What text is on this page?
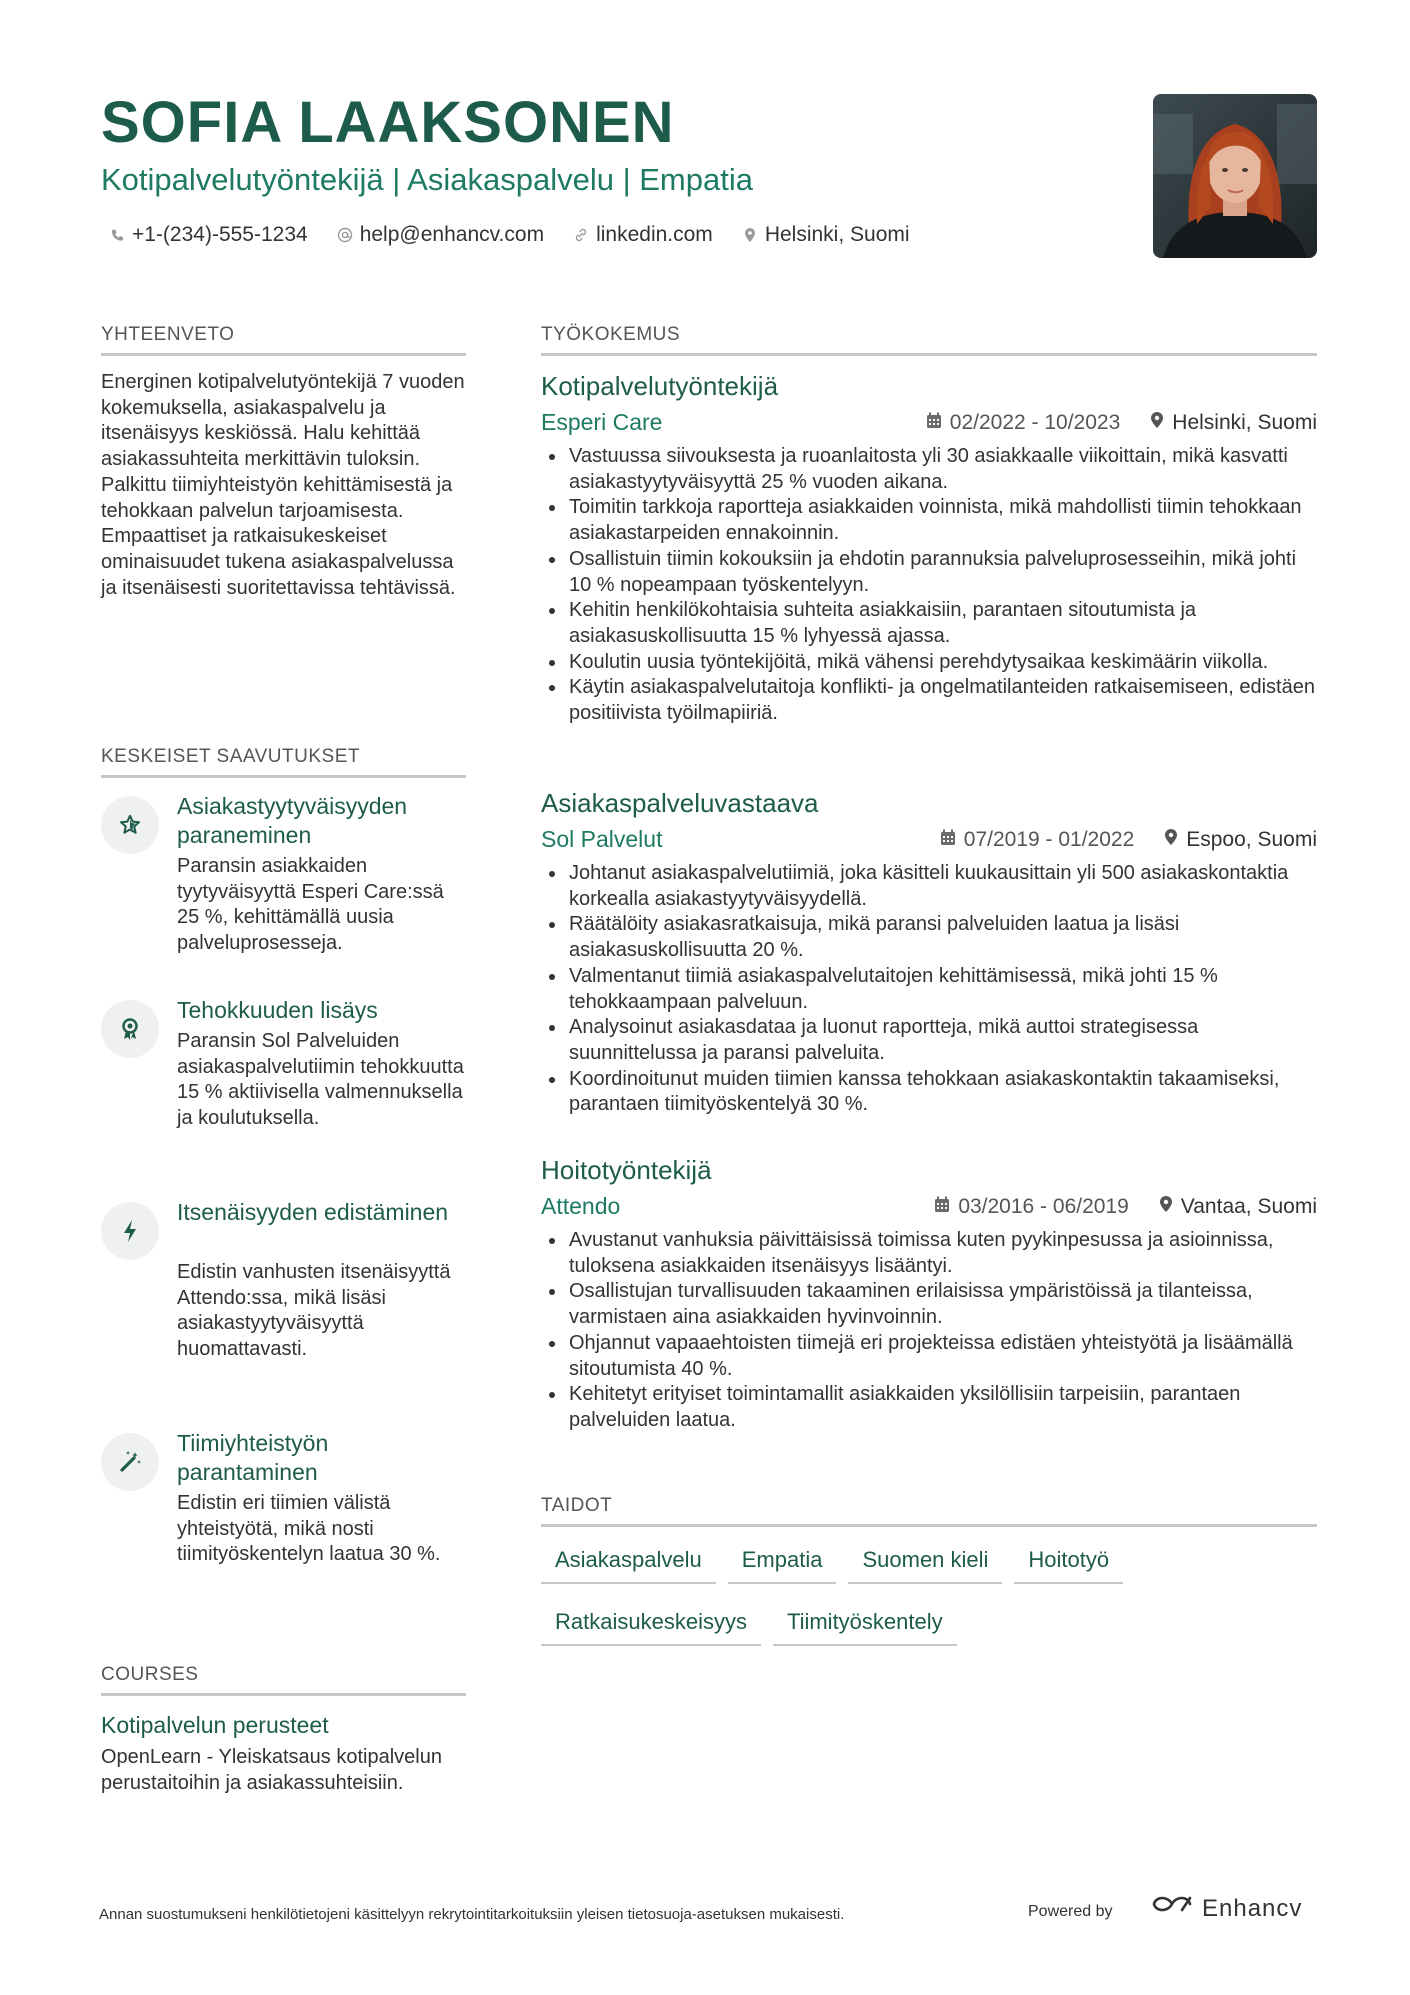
SOFIA LAAKSONEN
Kotipalvelutyöntekijä | Asiakaspalvelu | Empatia
+1-(234)-555-1234 help@enhancv.com linkedin.com Helsinki, Suomi
YHTEENVETO
Energinen kotipalvelutyöntekijä 7 vuoden kokemuksella, asiakaspalvelu ja itsenäisyys keskiössä. Halu kehittää asiakassuhteita merkittävin tuloksin. Palkittu tiimiyhteistyön kehittämisestä ja tehokkaan palvelun tarjoamisesta. Empaattiset ja ratkaisukeskeiset ominaisuudet tukena asiakaspalvelussa ja itsenäisesti suoritettavissa tehtävissä.
KESKEISET SAAVUTUKSET
Asiakastyytyväisyyden paraneminen
Paransin asiakkaiden tyytyväisyyttä Esperi Care:ssä 25 %, kehittämällä uusia palveluprosesseja.
Tehokkuuden lisäys
Paransin Sol Palveluiden asiakaspalvelutiimin tehokkuutta 15 % aktiivisella valmennuksella ja koulutuksella.
Itsenäisyyden edistäminen
Edistin vanhusten itsenäisyyttä Attendo:ssa, mikä lisäsi asiakastyytyväisyyttä huomattavasti.
Tiimiyhteistyön parantaminen
Edistin eri tiimien välistä yhteistyötä, mikä nosti tiimityöskentelyn laatua 30 %.
COURSES
Kotipalvelun perusteet
OpenLearn - Yleiskatsaus kotipalvelun perustaitoihin ja asiakassuhteisiin.
TYÖKOKEMUS
Kotipalvelutyöntekijä
Esperi Care	02/2022 - 10/2023 Helsinki, Suomi
Vastuussa siivouksesta ja ruoanlaitosta yli 30 asiakkaalle viikoittain, mikä kasvatti asiakastyytyväisyyttä 25 % vuoden aikana.
Toimitin tarkkoja raportteja asiakkaiden voinnista, mikä mahdollisti tiimin tehokkaan asiakastarpeiden ennakoinnin.
Osallistuin tiimin kokouksiin ja ehdotin parannuksia palveluprosesseihin, mikä johti 10 % nopeampaan työskentelyyn.
Kehitin henkilökohtaisia suhteita asiakkaisiin, parantaen sitoutumista ja asiakasuskollisuutta 15 % lyhyessä ajassa.
Koulutin uusia työntekijöitä, mikä vähensi perehdytysaikaa keskimäärin viikolla.
Käytin asiakaspalvelutaitoja konflikti- ja ongelmatilanteiden ratkaisemiseen, edistäen positiivista työilmapiiriä.
Asiakaspalveluvastaava
Sol Palvelut	07/2019 - 01/2022 Espoo, Suomi
Johtanut asiakaspalvelutiimiä, joka käsitteli kuukausittain yli 500 asiakaskontaktia korkealla asiakastyytyväisyydellä.
Räätälöity asiakasratkaisuja, mikä paransi palveluiden laatua ja lisäsi asiakasuskollisuutta 20 %.
Valmentanut tiimiä asiakaspalvelutaitojen kehittämisessä, mikä johti 15 % tehokkaampaan palveluun.
Analysoinut asiakasdataa ja luonut raportteja, mikä auttoi strategisessa suunnittelussa ja paransi palveluita.
Koordinoitunut muiden tiimien kanssa tehokkaan asiakaskontaktin takaamiseksi, parantaen tiimityöskentelyä 30 %.
Hoitotyöntekijä
Attendo	03/2016 - 06/2019 Vantaa, Suomi
Avustanut vanhuksia päivittäisissä toimissa kuten pyykinpesussa ja asioinnissa, tuloksena asiakkaiden itsenäisyys lisääntyi.
Osallistujan turvallisuuden takaaminen erilaisissa ympäristöissä ja tilanteissa, varmistaen aina asiakkaiden hyvinvoinnin.
Ohjannut vapaaehtoisten tiimejä eri projekteissa edistäen yhteistyötä ja lisäämällä sitoutumista 40 %.
Kehitetyt erityiset toimintamallit asiakkaiden yksilöllisiin tarpeisiin, parantaen palveluiden laatua.
TAIDOT
Asiakaspalvelu	Empatia	Suomen kieli	Hoitotyö
Ratkaisukeskeisyys	Tiimityöskentely
Annan suostumukseni henkilötietojeni käsittelyyn rekrytointitarkoituksiin yleisen tietosuoja-asetuksen mukaisesti.	Powered by	Enhancv
